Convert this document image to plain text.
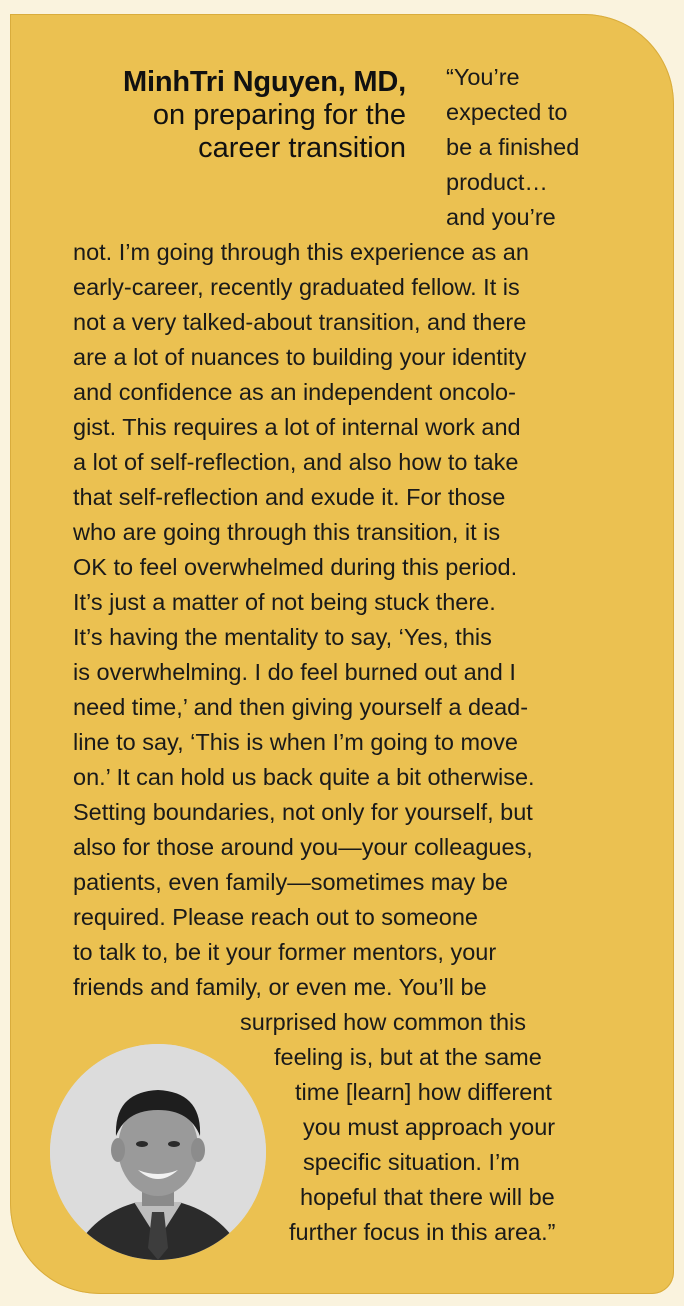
MinhTri Nguyen, MD,
on preparing for the
career transition
“You’re
expected to
be a finished
product…
and you’re
not. I’m going through this experience as an
early-career, recently graduated fellow. It is
not a very talked-about transition, and there
are a lot of nuances to building your identity
and confidence as an independent oncolo-
gist. This requires a lot of internal work and
a lot of self-reflection, and also how to take
that self-reflection and exude it. For those
who are going through this transition, it is
OK to feel overwhelmed during this period.
It’s just a matter of not being stuck there.
It’s having the mentality to say, ‘Yes, this
is overwhelming. I do feel burned out and I
need time,’ and then giving yourself a dead-
line to say, ‘This is when I’m going to move
on.’ It can hold us back quite a bit otherwise.
Setting boundaries, not only for yourself, but
also for those around you—your colleagues,
patients, even family—sometimes may be
required. Please reach out to someone
to talk to, be it your former mentors, your
friends and family, or even me. You’ll be
surprised how common this
feeling is, but at the same
time [learn] how different
you must approach your
specific situation. I’m
hopeful that there will be
further focus in this area.”
